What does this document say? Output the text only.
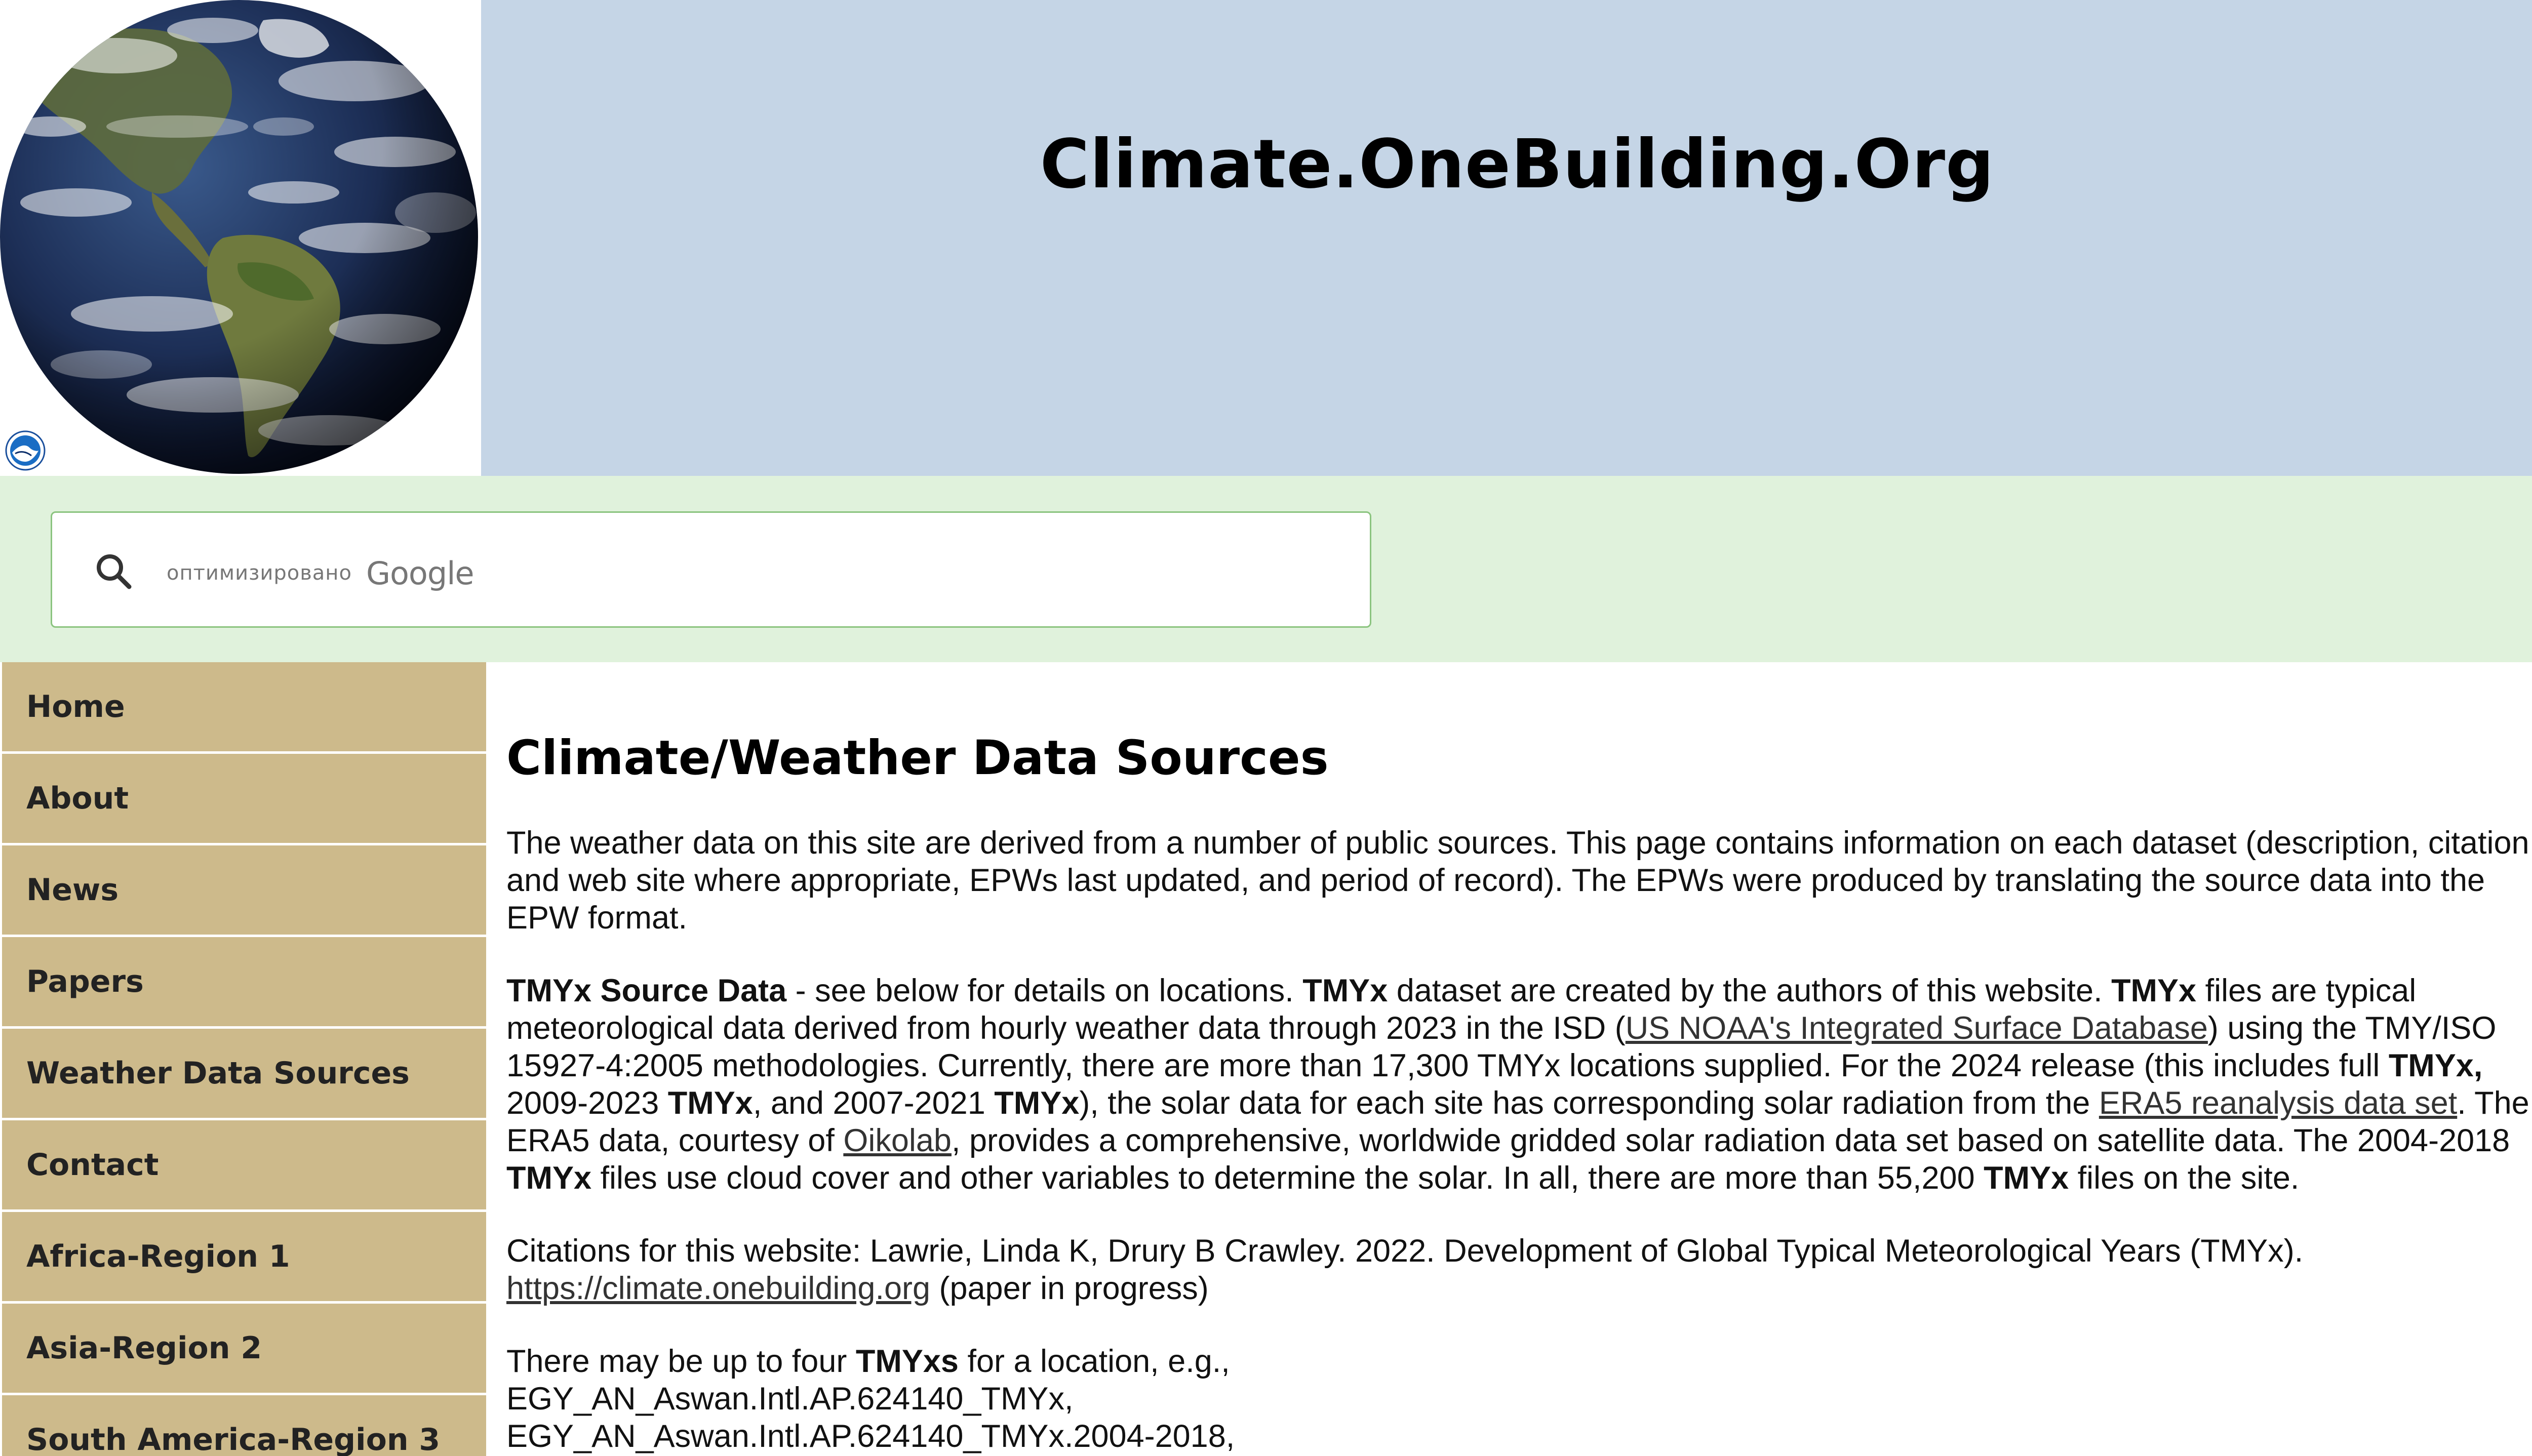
Climate.OneBuilding.Org
оптимизировано Google
Home
About
News
Papers
Weather Data Sources
Contact
Africa-Region 1
Asia-Region 2
South America-Region 3
Climate/Weather Data Sources

The weather data on this site are derived from a number of public sources. This page contains information on each dataset (description, citation and web site where appropriate, EPWs last updated, and period of record). The EPWs were produced by translating the source data into the EPW format.

TMYx Source Data - see below for details on locations. TMYx dataset are created by the authors of this website. TMYx files are typical meteorological data derived from hourly weather data through 2023 in the ISD (US NOAA's Integrated Surface Database) using the TMY/ISO 15927-4:2005 methodologies. Currently, there are more than 17,300 TMYx locations supplied. For the 2024 release (this includes full TMYx, 2009-2023 TMYx, and 2007-2021 TMYx), the solar data for each site has corresponding solar radiation from the ERA5 reanalysis data set. The ERA5 data, courtesy of Oikolab, provides a comprehensive, worldwide gridded solar radiation data set based on satellite data. The 2004-2018 TMYx files use cloud cover and other variables to determine the solar. In all, there are more than 55,200 TMYx files on the site.

Citations for this website: Lawrie, Linda K, Drury B Crawley. 2022. Development of Global Typical Meteorological Years (TMYx).
https://climate.onebuilding.org (paper in progress)

There may be up to four TMYxs for a location, e.g.,
EGY_AN_Aswan.Intl.AP.624140_TMYx,
EGY_AN_Aswan.Intl.AP.624140_TMYx.2004-2018,
